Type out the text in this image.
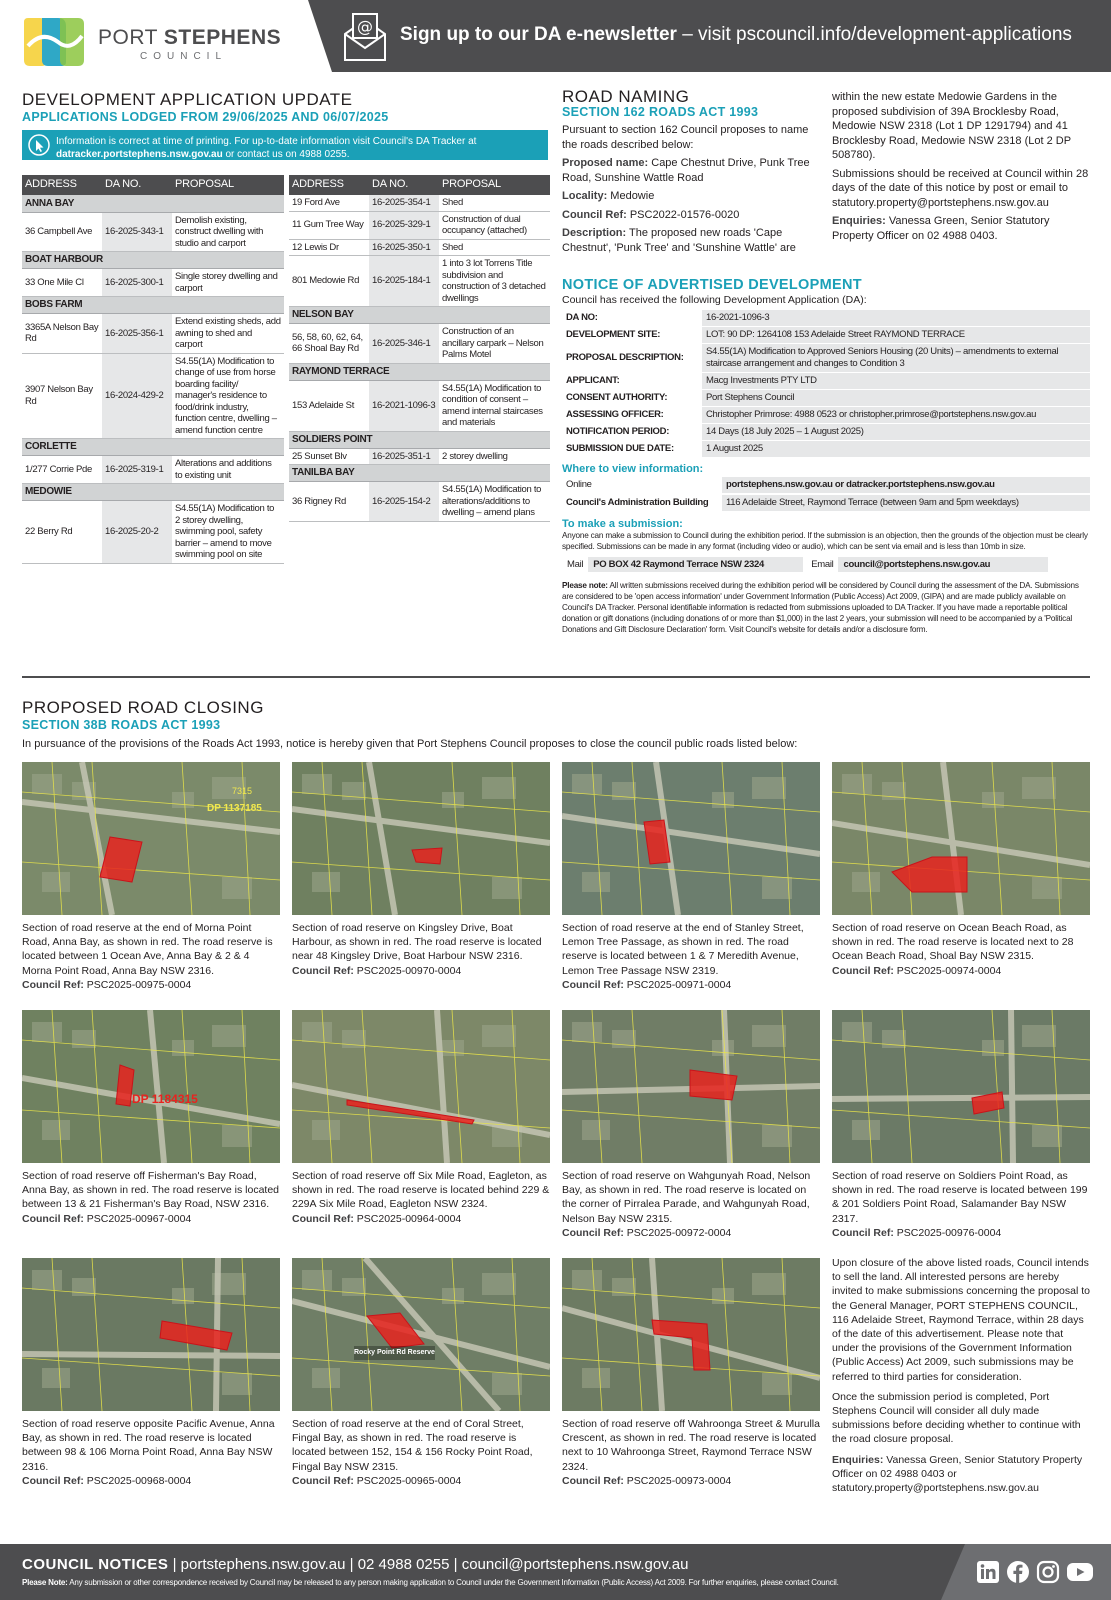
PORT STEPHENS
COUNCIL
@ Sign up to our DA e-newsletter – visit pscouncil.info/development-applications
DEVELOPMENT APPLICATION UPDATE
APPLICATIONS LODGED FROM 29/06/2025 AND 06/07/2025
Information is correct at time of printing. For up-to-date information visit Council's DA Tracker at
datracker.portstephens.nsw.gov.au or contact us on 4988 0255.
ADDRESS	DA NO.	PROPOSAL
ANNA BAY		
36 Campbell Ave	16-2025-343-1	Demolish existing, construct dwelling with studio and carport
BOAT HARBOUR		
33 One Mile Cl	16-2025-300-1	Single storey dwelling and carport
BOBS FARM		
3365A Nelson Bay Rd	16-2025-356-1	Extend existing sheds, add awning to shed and carport
3907 Nelson Bay Rd	16-2024-429-2	S4.55(1A) Modification to change of use from horse boarding facility/ manager's residence to food/drink industry, function centre, dwelling – amend function centre
CORLETTE		
1/277 Corrie Pde	16-2025-319-1	Alterations and additions to existing unit
MEDOWIE		
22 Berry Rd	16-2025-20-2	S4.55(1A) Modification to 2 storey dwelling, swimming pool, safety barrier – amend to move swimming pool on site
ADDRESS	DA NO.	PROPOSAL
19 Ford Ave	16-2025-354-1	Shed
11 Gum Tree Way	16-2025-329-1	Construction of dual occupancy (attached)
12 Lewis Dr	16-2025-350-1	Shed
801 Medowie Rd	16-2025-184-1	1 into 3 lot Torrens Title subdivision and construction of 3 detached dwellings
NELSON BAY		
56, 58, 60, 62, 64, 66 Shoal Bay Rd	16-2025-346-1	Construction of an ancillary carpark – Nelson Palms Motel
RAYMOND TERRACE		
153 Adelaide St	16-2021-1096-3	S4.55(1A) Modification to condition of consent – amend internal staircases and materials
SOLDIERS POINT		
25 Sunset Blv	16-2025-351-1	2 storey dwelling
TANILBA BAY		
36 Rigney Rd	16-2025-154-2	S4.55(1A) Modification to alterations/additions to dwelling – amend plans
ROAD NAMING
SECTION 162 ROADS ACT 1993

Pursuant to section 162 Council proposes to name the roads described below:

Proposed name: Cape Chestnut Drive, Punk Tree Road, Sunshine Wattle Road

Locality: Medowie

Council Ref: PSC2022-01576-0020

Description: The proposed new roads 'Cape Chestnut', 'Punk Tree' and 'Sunshine Wattle' are

within the new estate Medowie Gardens in the proposed subdivision of 39A Brocklesby Road, Medowie NSW 2318 (Lot 1 DP 1291794) and 41 Brocklesby Road, Medowie NSW 2318 (Lot 2 DP 508780).

Submissions should be received at Council within 28 days of the date of this notice by post or email to statutory.property@portstephens.nsw.gov.au

Enquiries: Vanessa Green, Senior Statutory Property Officer on 02 4988 0403.

NOTICE OF ADVERTISED DEVELOPMENT
Council has received the following Development Application (DA):
DA NO:	16-2021-1096-3
DEVELOPMENT SITE:	LOT: 90 DP: 1264108 153 Adelaide Street RAYMOND TERRACE
PROPOSAL DESCRIPTION:	S4.55(1A) Modification to Approved Seniors Housing (20 Units) – amendments to external staircase arrangement and changes to Condition 3
APPLICANT:	Macg Investments PTY LTD
CONSENT AUTHORITY:	Port Stephens Council
ASSESSING OFFICER:	Christopher Primrose: 4988 0523 or christopher.primrose@portstephens.nsw.gov.au
NOTIFICATION PERIOD:	14 Days (18 July 2025 – 1 August 2025)
SUBMISSION DUE DATE:	1 August 2025
Where to view information:
Online	portstephens.nsw.gov.au or datracker.portstephens.nsw.gov.au
Council's Administration Building	116 Adelaide Street, Raymond Terrace (between 9am and 5pm weekdays)
To make a submission:
Anyone can make a submission to Council during the exhibition period. If the submission is an objection, then the grounds of the objection must be clearly specified. Submissions can be made in any format (including video or audio), which can be sent via email and is less than 10mb in size.
Mail	PO BOX 42 Raymond Terrace NSW 2324	Email	council@portstephens.nsw.gov.au
Please note: All written submissions received during the exhibition period will be considered by Council during the assessment of the DA. Submissions are considered to be 'open access information' under Government Information (Public Access) Act 2009, (GIPA) and are made publicly available on Council's DA Tracker. Personal identifiable information is redacted from submissions uploaded to DA Tracker. If you have made a reportable political donation or gift donations (including donations of or more than $1,000) in the last 2 years, your submission will need to be accompanied by a 'Political Donations and Gift Disclosure Declaration' form. Visit Council's website for details and/or a disclosure form.
PROPOSED ROAD CLOSING
SECTION 38B ROADS ACT 1993
In pursuance of the provisions of the Roads Act 1993, notice is hereby given that Port Stephens Council proposes to close the council public roads listed below:
DP 1137185
7315
Section of road reserve at the end of Morna Point Road, Anna Bay, as shown in red. The road reserve is located between 1 Ocean Ave, Anna Bay & 2 & 4 Morna Point Road, Anna Bay NSW 2316.
Council Ref: PSC2025-00975-0004
Section of road reserve on Kingsley Drive, Boat Harbour, as shown in red. The road reserve is located near 48 Kingsley Drive, Boat Harbour NSW 2316.
Council Ref: PSC2025-00970-0004
Section of road reserve at the end of Stanley Street, Lemon Tree Passage, as shown in red. The road reserve is located between 1 & 7 Meredith Avenue, Lemon Tree Passage NSW 2319.
Council Ref: PSC2025-00971-0004
Section of road reserve on Ocean Beach Road, as shown in red. The road reserve is located next to 28 Ocean Beach Road, Shoal Bay NSW 2315.
Council Ref: PSC2025-00974-0004
DP 1184315
Section of road reserve off Fisherman's Bay Road, Anna Bay, as shown in red. The road reserve is located between 13 & 21 Fisherman's Bay Road, NSW 2316.
Council Ref: PSC2025-00967-0004
Section of road reserve off Six Mile Road, Eagleton, as shown in red. The road reserve is located behind 229 & 229A Six Mile Road, Eagleton NSW 2324.
Council Ref: PSC2025-00964-0004
Section of road reserve on Wahgunyah Road, Nelson Bay, as shown in red. The road reserve is located on the corner of Pirralea Parade, and Wahgunyah Road, Nelson Bay NSW 2315.
Council Ref: PSC2025-00972-0004
Section of road reserve on Soldiers Point Road, as shown in red. The road reserve is located between 199 & 201 Soldiers Point Road, Salamander Bay NSW 2317.
Council Ref: PSC2025-00976-0004
Section of road reserve opposite Pacific Avenue, Anna Bay, as shown in red. The road reserve is located between 98 & 106 Morna Point Road, Anna Bay NSW 2316.
Council Ref: PSC2025-00968-0004
Rocky Point Rd Reserve
Section of road reserve at the end of Coral Street, Fingal Bay, as shown in red. The road reserve is located between 152, 154 & 156 Rocky Point Road, Fingal Bay NSW 2315.
Council Ref: PSC2025-00965-0004
Section of road reserve off Wahroonga Street & Murulla Crescent, as shown in red. The road reserve is located next to 10 Wahroonga Street, Raymond Terrace NSW 2324.
Council Ref: PSC2025-00973-0004

Upon closure of the above listed roads, Council intends to sell the land. All interested persons are hereby invited to make submissions concerning the proposal to the General Manager, PORT STEPHENS COUNCIL, 116 Adelaide Street, Raymond Terrace, within 28 days of the date of this advertisement. Please note that under the provisions of the Government Information (Public Access) Act 2009, such submissions may be referred to third parties for consideration.

Once the submission period is completed, Port Stephens Council will consider all duly made submissions before deciding whether to continue with the road closure proposal.

Enquiries: Vanessa Green, Senior Statutory Property Officer on 02 4988 0403 or statutory.property@portstephens.nsw.gov.au

COUNCIL NOTICES | portstephens.nsw.gov.au | 02 4988 0255 | council@portstephens.nsw.gov.au
Please Note: Any submission or other correspondence received by Council may be released to any person making application to Council under the Government Information (Public Access) Act 2009. For further enquiries, please contact Council.
